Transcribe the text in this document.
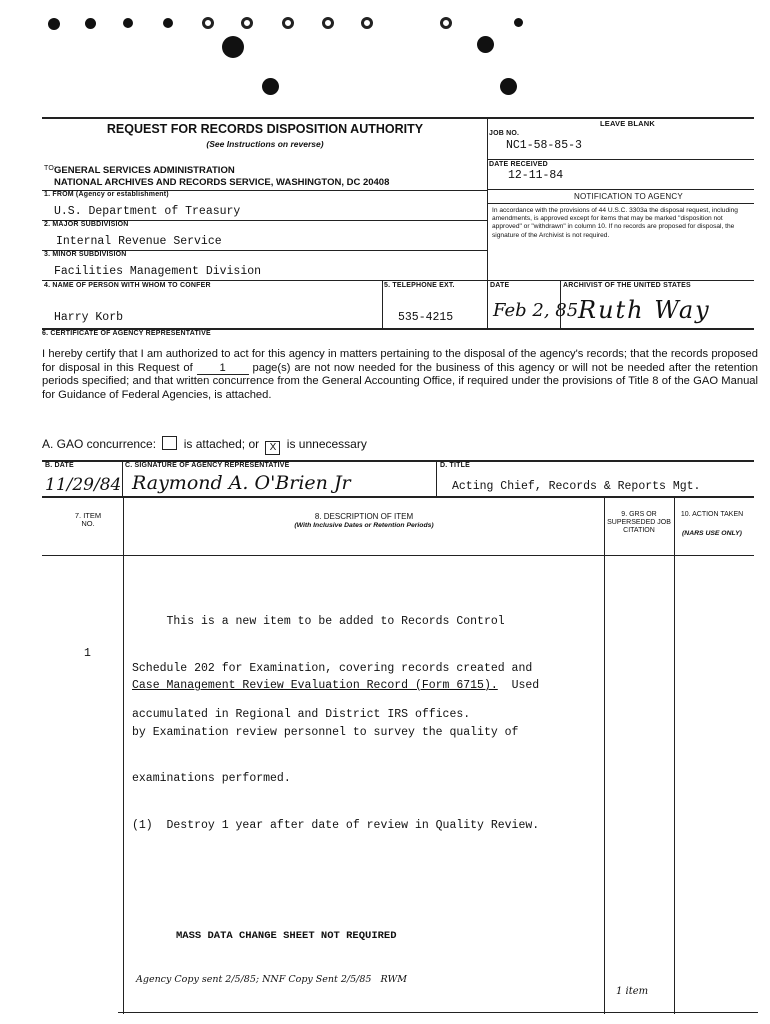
REQUEST FOR RECORDS DISPOSITION AUTHORITY
(See Instructions on reverse)
LEAVE BLANK
JOB NO.
NC1-58-85-3
DATE RECEIVED
12-11-84
NOTIFICATION TO AGENCY
In accordance with the provisions of 44 U.S.C. 3303a the disposal request, including amendments, is approved except for items that may be marked "disposition not approved" or "withdrawn" in column 10. If no records are proposed for disposal, the signature of the Archivist is not required.
TO:
GENERAL SERVICES ADMINISTRATION
NATIONAL ARCHIVES AND RECORDS SERVICE, WASHINGTON, DC 20408
1. FROM (Agency or establishment)
U.S. Department of Treasury
2. MAJOR SUBDIVISION
Internal Revenue Service
3. MINOR SUBDIVISION
Facilities Management Division
4. NAME OF PERSON WITH WHOM TO CONFER
Harry Korb
5. TELEPHONE EXT.
535-4215
DATE
Feb 2, 85
ARCHIVIST OF THE UNITED STATES
Ruth Way
6. CERTIFICATE OF AGENCY REPRESENTATIVE
I hereby certify that I am authorized to act for this agency in matters pertaining to the disposal of the agency's records; that the records proposed for disposal in this Request of 1 page(s) are not now needed for the business of this agency or will not be needed after the retention periods specified; and that written concurrence from the General Accounting Office, if required under the provisions of Title 8 of the GAO Manual for Guidance of Federal Agencies, is attached.
A. GAO concurrence: is attached; or X is unnecessary
B. DATE
11/29/84
C. SIGNATURE OF AGENCY REPRESENTATIVE
Raymond A. O'Brien Jr
D. TITLE
Acting Chief, Records & Reports Mgt.
7. ITEM NO.
8. DESCRIPTION OF ITEM
(With Inclusive Dates or Retention Periods)
9. GRS OR SUPERSEDED JOB CITATION
10. ACTION TAKEN
(NARS USE ONLY)

This is a new item to be added to Records Control

Schedule 202 for Examination, covering records created and

accumulated in Regional and District IRS offices.

1

Case Management Review Evaluation Record (Form 6715). Used

by Examination review personnel to survey the quality of

examinations performed.

(1)  Destroy 1 year after date of review in Quality Review.

MASS DATA CHANGE SHEET NOT REQUIRED
Agency Copy sent 2/5/85; NNF Copy Sent 2/5/85 RWM
1 item
